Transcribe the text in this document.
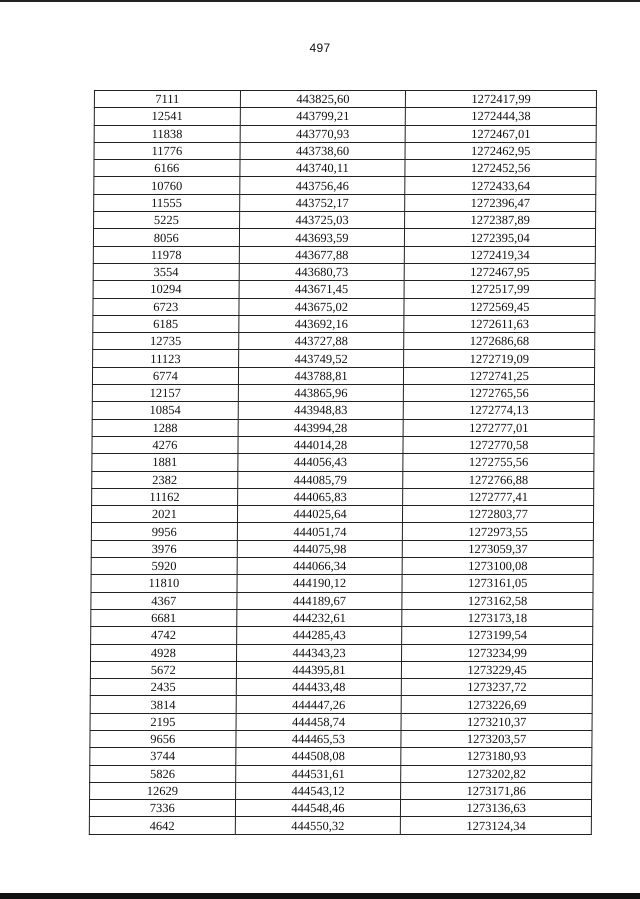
497
7111	443825,60	1272417,99
12541	443799,21	1272444,38
11838	443770,93	1272467,01
11776	443738,60	1272462,95
6166	443740,11	1272452,56
10760	443756,46	1272433,64
11555	443752,17	1272396,47
5225	443725,03	1272387,89
8056	443693,59	1272395,04
11978	443677,88	1272419,34
3554	443680,73	1272467,95
10294	443671,45	1272517,99
6723	443675,02	1272569,45
6185	443692,16	1272611,63
12735	443727,88	1272686,68
11123	443749,52	1272719,09
6774	443788,81	1272741,25
12157	443865,96	1272765,56
10854	443948,83	1272774,13
1288	443994,28	1272777,01
4276	444014,28	1272770,58
1881	444056,43	1272755,56
2382	444085,79	1272766,88
11162	444065,83	1272777,41
2021	444025,64	1272803,77
9956	444051,74	1272973,55
3976	444075,98	1273059,37
5920	444066,34	1273100,08
11810	444190,12	1273161,05
4367	444189,67	1273162,58
6681	444232,61	1273173,18
4742	444285,43	1273199,54
4928	444343,23	1273234,99
5672	444395,81	1273229,45
2435	444433,48	1273237,72
3814	444447,26	1273226,69
2195	444458,74	1273210,37
9656	444465,53	1273203,57
3744	444508,08	1273180,93
5826	444531,61	1273202,82
12629	444543,12	1273171,86
7336	444548,46	1273136,63
4642	444550,32	1273124,34
